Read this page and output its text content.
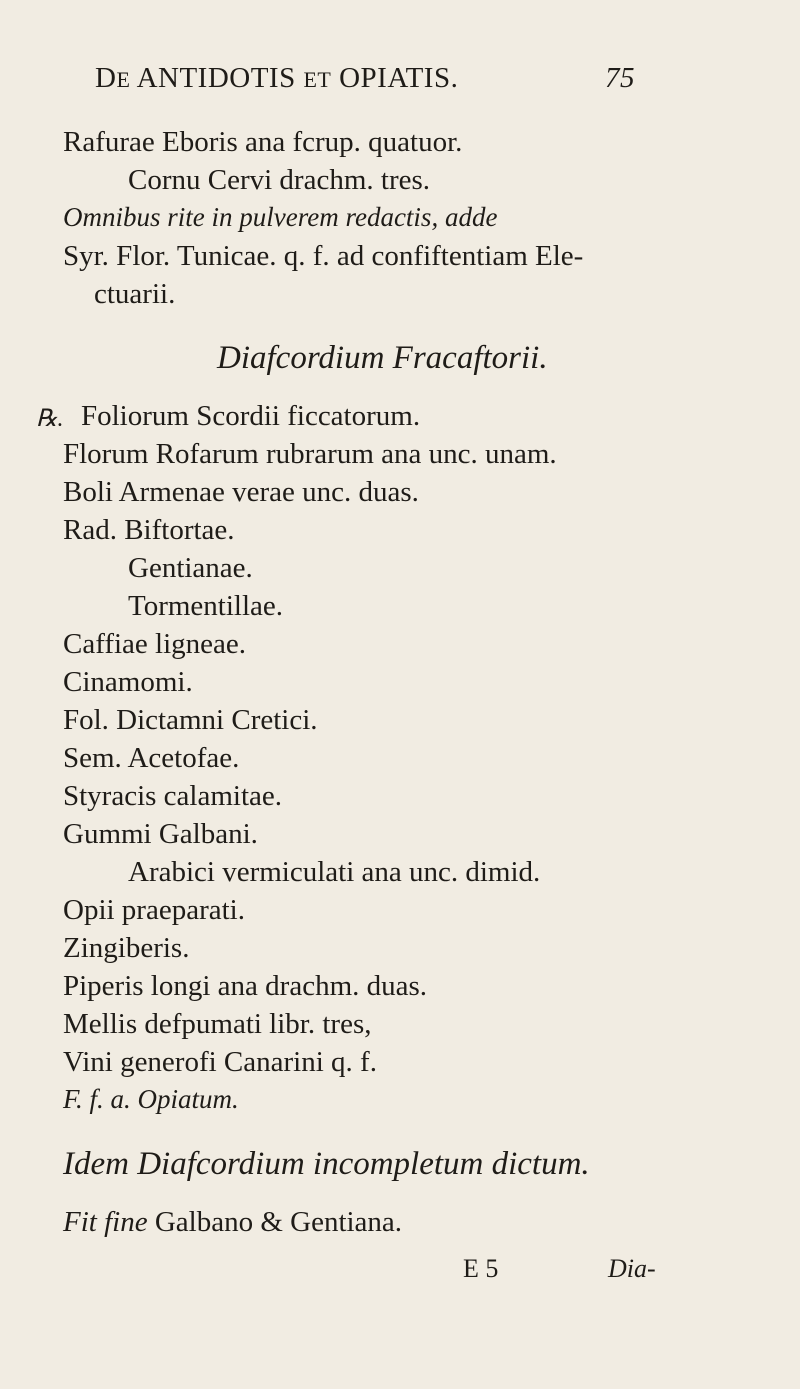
DE ANTIDOTIS ET OPIATIS.	75
Rafurae Eboris ana fcrup. quatuor.
Cornu Cervi drachm. tres.
Omnibus rite in pulverem redactis, adde
Syr. Flor. Tunicae. q. f. ad confiftentiam Ele-
ctuarii.
Diafcordium Fracaftorii.
℞. Foliorum Scordii ficcatorum.
Florum Rofarum rubrarum ana unc. unam.
Boli Armenae verae unc. duas.
Rad. Biftortae.
Gentianae.
Tormentillae.
Caffiae ligneae.
Cinamomi.
Fol. Dictamni Cretici.
Sem. Acetofae.
Styracis calamitae.
Gummi Galbani.
Arabici vermiculati ana unc. dimid.
Opii praeparati.
Zingiberis.
Piperis longi ana drachm. duas.
Mellis defpumati libr. tres,
Vini generofi Canarini q. f.
F. f. a. Opiatum.
Idem Diafcordium incompletum dictum.
Fit fine Galbano & Gentiana.
E 5	Dia-
